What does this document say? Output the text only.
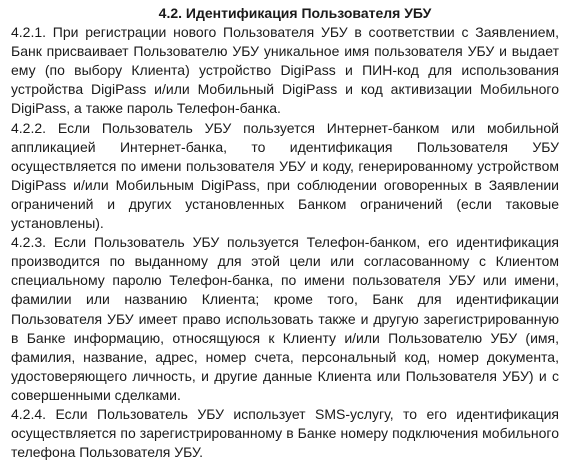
4.2. Идентификация Пользователя УБУ

4.2.1. При регистрации нового Пользователя УБУ в соответствии с Заявлением, Банк присваивает Пользователю УБУ уникальное имя пользователя УБУ и выдает ему (по выбору Клиента) устройство DigiPass и ПИН-код для использования устройства DigiPass и/или Мобильный DigiPass и код активизации Мобильного DigiPass, а также пароль Телефон-банка.

4.2.2. Если Пользователь УБУ пользуется Интернет-банком или мобильной аппликацией Интернет-банка, то идентификация Пользователя УБУ осуществляется по имени пользователя УБУ и коду, генерированному устройством DigiPass и/или Мобильным DigiPass, при соблюдении оговоренных в Заявлении ограничений и других установленных Банком ограничений (если таковые установлены).

4.2.3. Если Пользователь УБУ пользуется Телефон-банком, его идентификация производится по выданному для этой цели или согласованному с Клиентом специальному паролю Телефон-банка, по имени пользователя УБУ или имени, фамилии или названию Клиента; кроме того, Банк для идентификации Пользователя УБУ имеет право использовать также и другую зарегистрированную в Банке информацию, относящуюся к Клиенту и/или Пользователю УБУ (имя, фамилия, название, адрес, номер счета, персональный код, номер документа, удостоверяющего личность, и другие данные Клиента или Пользователя УБУ) и с совершенными сделками.

4.2.4. Если Пользователь УБУ использует SMS-услугу, то его идентификация осуществляется по зарегистрированному в Банке номеру подключения мобильного телефона Пользователя УБУ.
